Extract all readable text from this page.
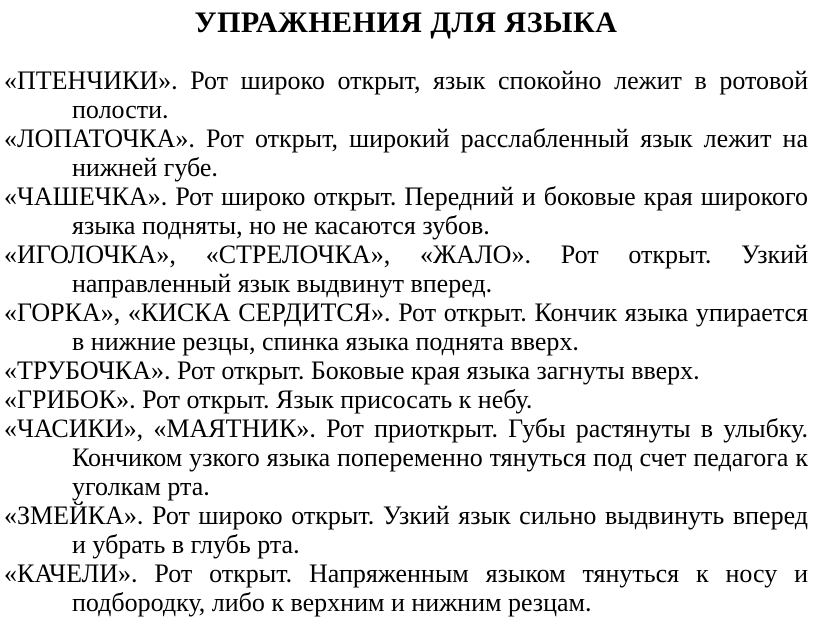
УПРАЖНЕНИЯ ДЛЯ ЯЗЫКА
«ПТЕНЧИКИ». Рот широко открыт, язык спокойно лежит в ротовой полости.
«ЛОПАТОЧКА». Рот открыт, широкий расслабленный язык лежит на нижней губе.
«ЧАШЕЧКА». Рот широко открыт. Передний и боковые края широкого языка подняты, но не касаются зубов.
«ИГОЛОЧКА», «СТРЕЛОЧКА», «ЖАЛО». Рот открыт. Узкий направленный язык выдвинут вперед.
«ГОРКА», «КИСКА СЕРДИТСЯ». Рот открыт. Кончик языка упирается в нижние резцы, спинка языка поднята вверх.
«ТРУБОЧКА». Рот открыт. Боковые края языка загнуты вверх.
«ГРИБОК». Рот открыт. Язык присосать к небу.
«ЧАСИКИ», «МАЯТНИК». Рот приоткрыт. Губы растянуты в улыбку. Кончиком узкого языка попеременно тянуться под счет педагога к уголкам рта.
«ЗМЕЙКА». Рот широко открыт. Узкий язык сильно выдвинуть вперед и убрать в глубь рта.
«КАЧЕЛИ». Рот открыт. Напряженным языком тянуться к носу и подбородку, либо к верхним и нижним резцам.
